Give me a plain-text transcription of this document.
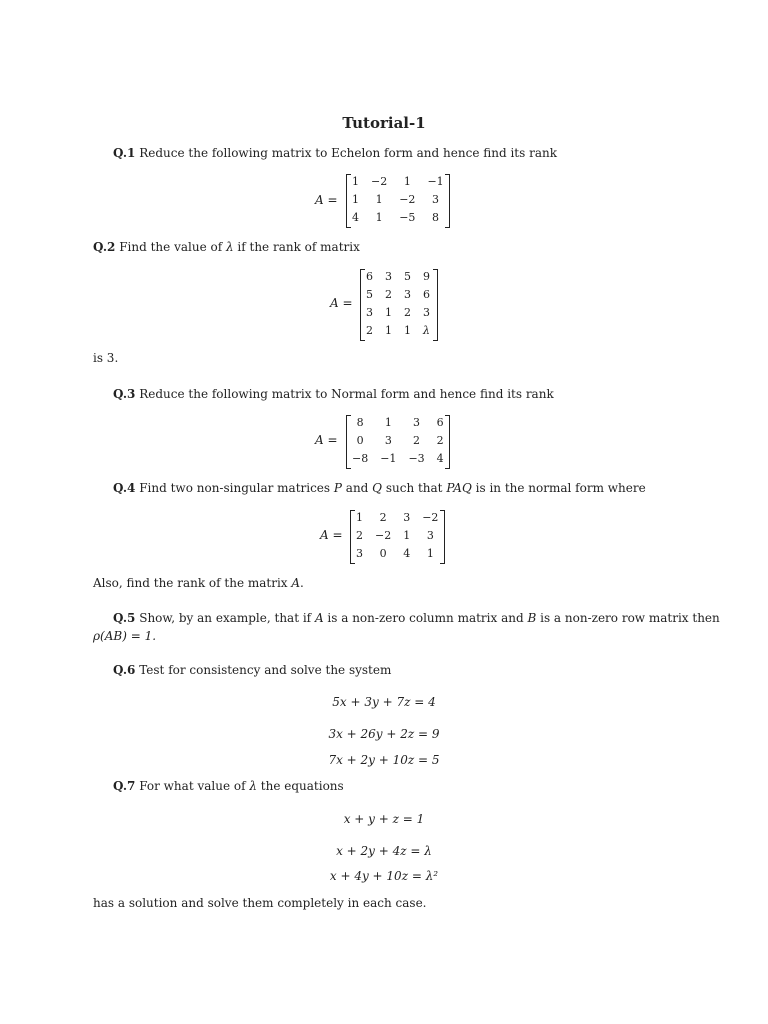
Tutorial-1
Q.1 Reduce the following matrix to Echelon form and hence find its rank
A =
1	−2	1	−1
1	1	−2	3
4	1	−5	8
Q.2 Find the value of λ if the rank of matrix
A =
6	3	5	9
5	2	3	6
3	1	2	3
2	1	1	λ
is 3.
Q.3 Reduce the following matrix to Normal form and hence find its rank
A =
8	1	3	6
0	3	2	2
−8	−1	−3	4
Q.4 Find two non-singular matrices P and Q such that PAQ is in the normal form where
A =
1	2	3	−2
2	−2	1	3
3	0	4	1
Also, find the rank of the matrix A.
Q.5 Show, by an example, that if A is a non-zero column matrix and B is a non-zero row matrix then
ρ(AB) = 1.
Q.6 Test for consistency and solve the system
5x + 3y + 7z = 4
3x + 26y + 2z = 9
7x + 2y + 10z = 5
Q.7 For what value of λ the equations
x + y + z = 1
x + 2y + 4z = λ
x + 4y + 10z = λ²
has a solution and solve them completely in each case.
